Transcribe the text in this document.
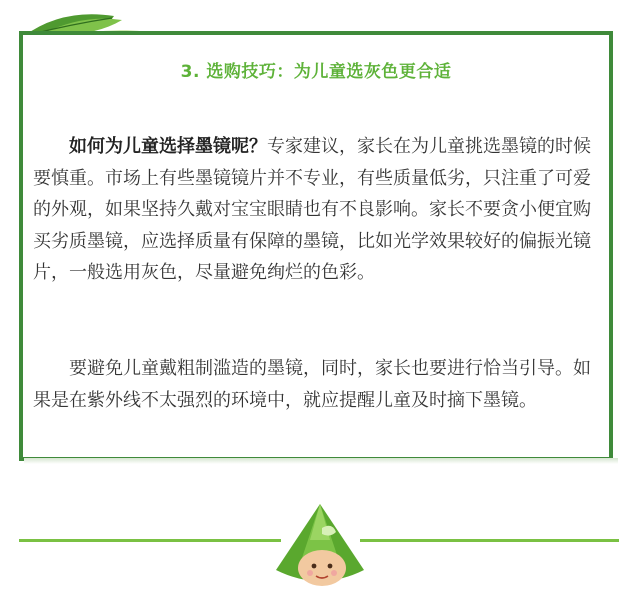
3. 选购技巧：为儿童选灰色更合适

如何为儿童选择墨镜呢？专家建议，家长在为儿童挑选墨镜的时候要慎重。市场上有些墨镜镜片并不专业，有些质量低劣，只注重了可爱的外观，如果坚持久戴对宝宝眼睛也有不良影响。家长不要贪小便宜购买劣质墨镜，应选择质量有保障的墨镜，比如光学效果较好的偏振光镜片，一般选用灰色，尽量避免绚烂的色彩。

要避免儿童戴粗制滥造的墨镜，同时，家长也要进行恰当引导。如果是在紫外线不太强烈的环境中，就应提醒儿童及时摘下墨镜。
